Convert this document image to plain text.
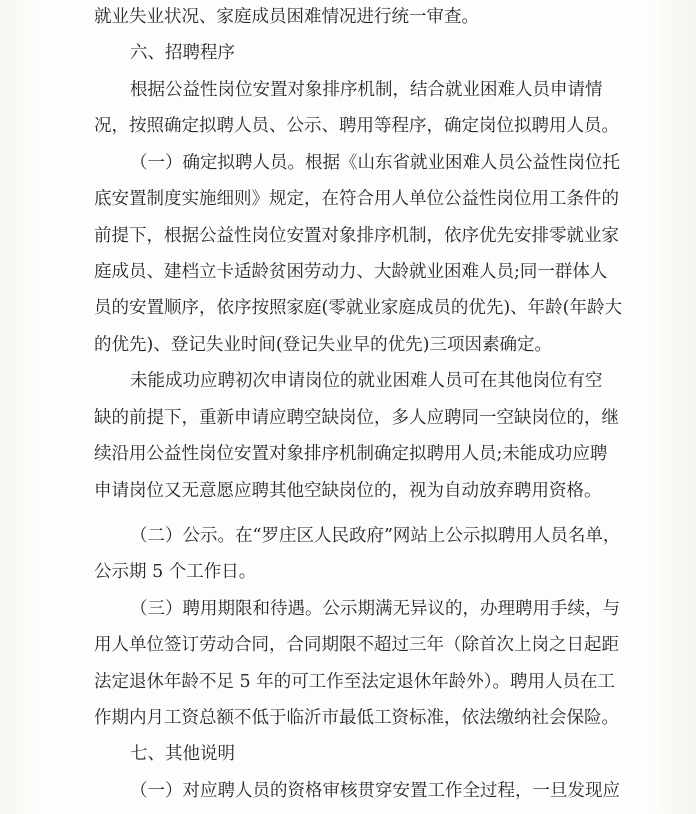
就业失业状况、家庭成员困难情况进行统一审查。
六、招聘程序
根据公益性岗位安置对象排序机制，结合就业困难人员申请情
况，按照确定拟聘人员、公示、聘用等程序，确定岗位拟聘用人员。
（一）确定拟聘人员。根据《山东省就业困难人员公益性岗位托
底安置制度实施细则》规定，在符合用人单位公益性岗位用工条件的
前提下，根据公益性岗位安置对象排序机制，依序优先安排零就业家
庭成员、建档立卡适龄贫困劳动力、大龄就业困难人员;同一群体人
员的安置顺序，依序按照家庭(零就业家庭成员的优先)、年龄(年龄大
的优先)、登记失业时间(登记失业早的优先)三项因素确定。
未能成功应聘初次申请岗位的就业困难人员可在其他岗位有空
缺的前提下，重新申请应聘空缺岗位，多人应聘同一空缺岗位的，继
续沿用公益性岗位安置对象排序机制确定拟聘用人员;未能成功应聘
申请岗位又无意愿应聘其他空缺岗位的，视为自动放弃聘用资格。
（二）公示。在“罗庄区人民政府”网站上公示拟聘用人员名单，
公示期 5 个工作日。
（三）聘用期限和待遇。公示期满无异议的，办理聘用手续，与
用人单位签订劳动合同，合同期限不超过三年（除首次上岗之日起距
法定退休年龄不足 5 年的可工作至法定退休年龄外）。聘用人员在工
作期内月工资总额不低于临沂市最低工资标准，依法缴纳社会保险。
七、其他说明
（一）对应聘人员的资格审核贯穿安置工作全过程，一旦发现应
